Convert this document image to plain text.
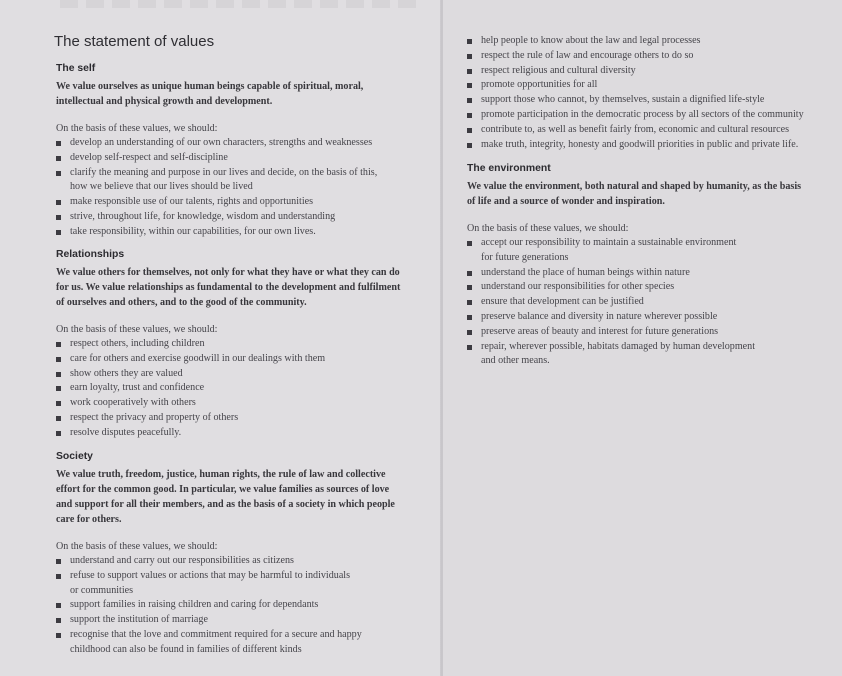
The statement of values
The self

We value ourselves as unique human beings capable of spiritual, moral,
intellectual and physical growth and development.

On the basis of these values, we should:

develop an understanding of our own characters, strengths and weaknesses
develop self-respect and self-discipline
clarify the meaning and purpose in our lives and decide, on the basis of this,
how we believe that our lives should be lived
make responsible use of our talents, rights and opportunities
strive, throughout life, for knowledge, wisdom and understanding
take responsibility, within our capabilities, for our own lives.
Relationships

We value others for themselves, not only for what they have or what they can do
for us. We value relationships as fundamental to the development and fulfilment
of ourselves and others, and to the good of the community.

On the basis of these values, we should:

respect others, including children
care for others and exercise goodwill in our dealings with them
show others they are valued
earn loyalty, trust and confidence
work cooperatively with others
respect the privacy and property of others
resolve disputes peacefully.
Society

We value truth, freedom, justice, human rights, the rule of law and collective
effort for the common good. In particular, we value families as sources of love
and support for all their members, and as the basis of a society in which people
care for others.

On the basis of these values, we should:

understand and carry out our responsibilities as citizens
refuse to support values or actions that may be harmful to individuals
or communities
support families in raising children and caring for dependants
support the institution of marriage
recognise that the love and commitment required for a secure and happy
childhood can also be found in families of different kinds
help people to know about the law and legal processes
respect the rule of law and encourage others to do so
respect religious and cultural diversity
promote opportunities for all
support those who cannot, by themselves, sustain a dignified life-style
promote participation in the democratic process by all sectors of the community
contribute to, as well as benefit fairly from, economic and cultural resources
make truth, integrity, honesty and goodwill priorities in public and private life.
The environment

We value the environment, both natural and shaped by humanity, as the basis
of life and a source of wonder and inspiration.

On the basis of these values, we should:

accept our responsibility to maintain a sustainable environment
for future generations
understand the place of human beings within nature
understand our responsibilities for other species
ensure that development can be justified
preserve balance and diversity in nature wherever possible
preserve areas of beauty and interest for future generations
repair, wherever possible, habitats damaged by human development
and other means.
